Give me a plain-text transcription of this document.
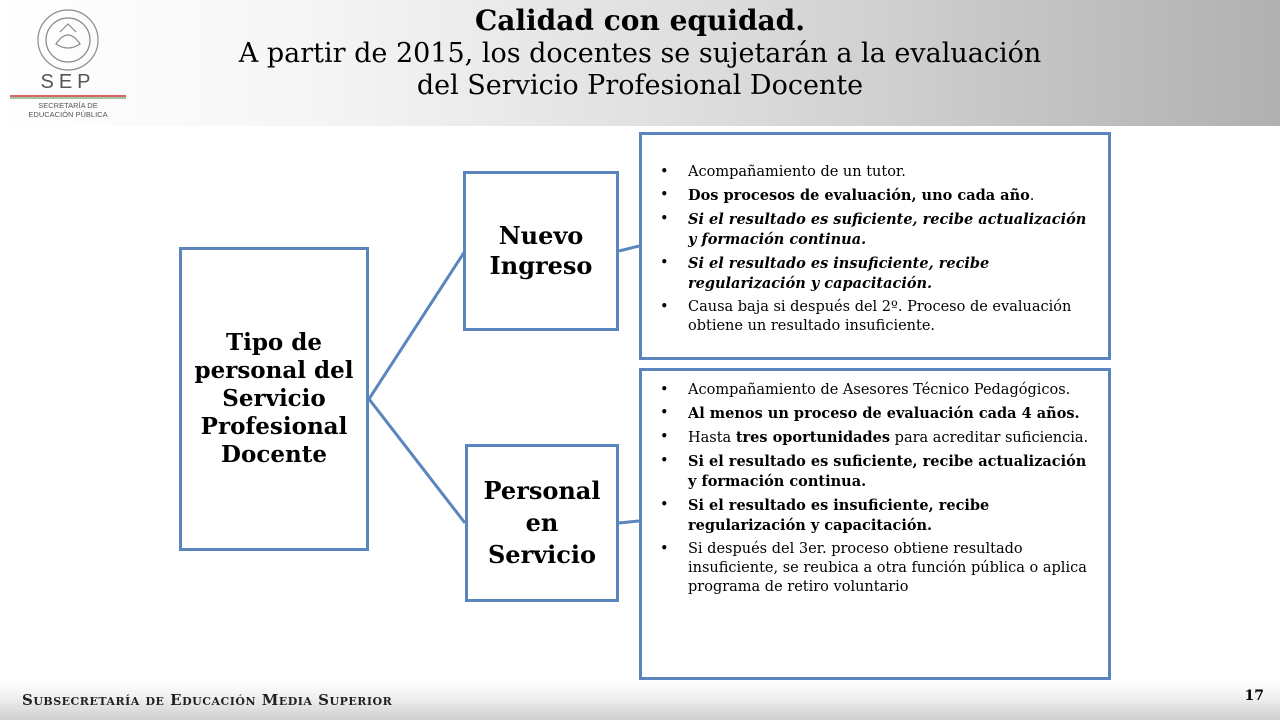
SEP
SECRETARÍA DE
EDUCACIÓN PÚBLICA
Calidad con equidad.
A partir de 2015, los docentes se sujetarán a la evaluación
del Servicio Profesional Docente
Tipo de personal del Servicio Profesional Docente
Nuevo Ingreso
Personal en Servicio
• Acompañamiento de un tutor.
• Dos procesos de evaluación, uno cada año.
• Si el resultado es suficiente, recibe actualización y formación continua.
• Si el resultado es insuficiente, recibe regularización y capacitación.
• Causa baja si después del 2º. Proceso de evaluación obtiene un resultado insuficiente.
• Acompañamiento de Asesores Técnico Pedagógicos.
• Al menos un proceso de evaluación cada 4 años.
• Hasta tres oportunidades para acreditar suficiencia.
• Si el resultado es suficiente, recibe actualización y formación continua.
• Si el resultado es insuficiente, recibe regularización y capacitación.
• Si después del 3er. proceso obtiene resultado insuficiente, se reubica a otra función pública o aplica programa de retiro voluntario
Subsecretaría de Educación Media Superior	17
